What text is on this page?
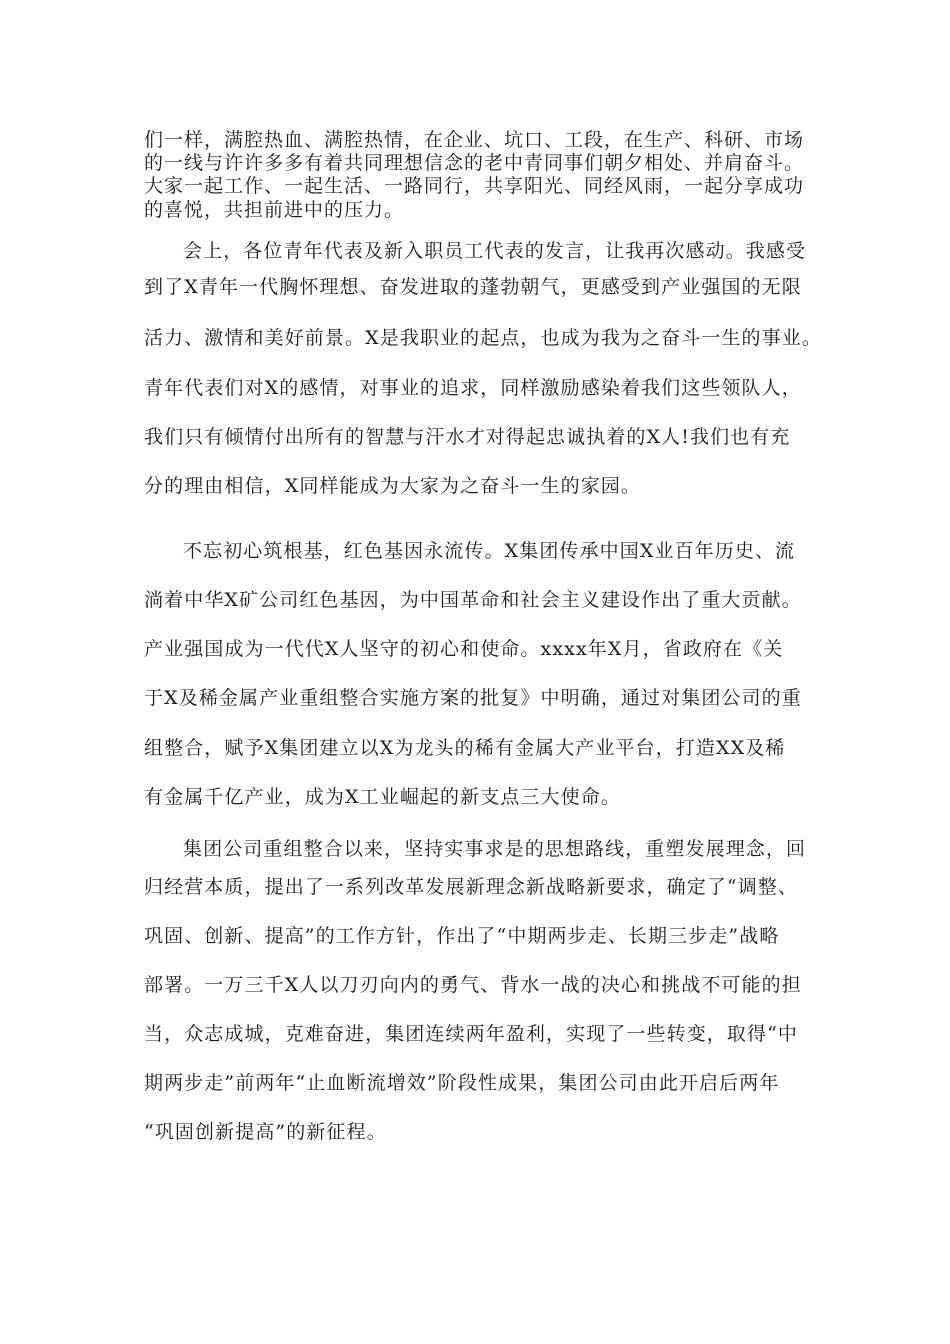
们一样，满腔热血、满腔热情，在企业、坑口、工段，在生产、科研、市场

的一线与许许多多有着共同理想信念的老中青同事们朝夕相处、并肩奋斗。

大家一起工作、一起生活、一路同行，共享阳光、同经风雨，一起分享成功

的喜悦，共担前进中的压力。

会上，各位青年代表及新入职员工代表的发言，让我再次感动。我感受

到了X青年一代胸怀理想、奋发进取的蓬勃朝气，更感受到产业强国的无限

活力、激情和美好前景。X是我职业的起点，也成为我为之奋斗一生的事业。

青年代表们对X的感情，对事业的追求，同样激励感染着我们这些领队人，

我们只有倾情付出所有的智慧与汗水才对得起忠诚执着的X人!我们也有充

分的理由相信，X同样能成为大家为之奋斗一生的家园。

不忘初心筑根基，红色基因永流传。X集团传承中国X业百年历史、流

淌着中华X矿公司红色基因，为中国革命和社会主义建设作出了重大贡献。

产业强国成为一代代X人坚守的初心和使命。xxxx年X月，省政府在《关

于X及稀金属产业重组整合实施方案的批复》中明确，通过对集团公司的重

组整合，赋予X集团建立以X为龙头的稀有金属大产业平台，打造XX及稀

有金属千亿产业，成为X工业崛起的新支点三大使命。

集团公司重组整合以来，坚持实事求是的思想路线，重塑发展理念，回

归经营本质，提出了一系列改革发展新理念新战略新要求，确定了“调整、

巩固、创新、提高”的工作方针，作出了“中期两步走、长期三步走”战略

部署。一万三千X人以刀刃向内的勇气、背水一战的决心和挑战不可能的担

当，众志成城，克难奋进，集团连续两年盈利，实现了一些转变，取得“中

期两步走”前两年“止血断流增效”阶段性成果，集团公司由此开启后两年

“巩固创新提高”的新征程。
